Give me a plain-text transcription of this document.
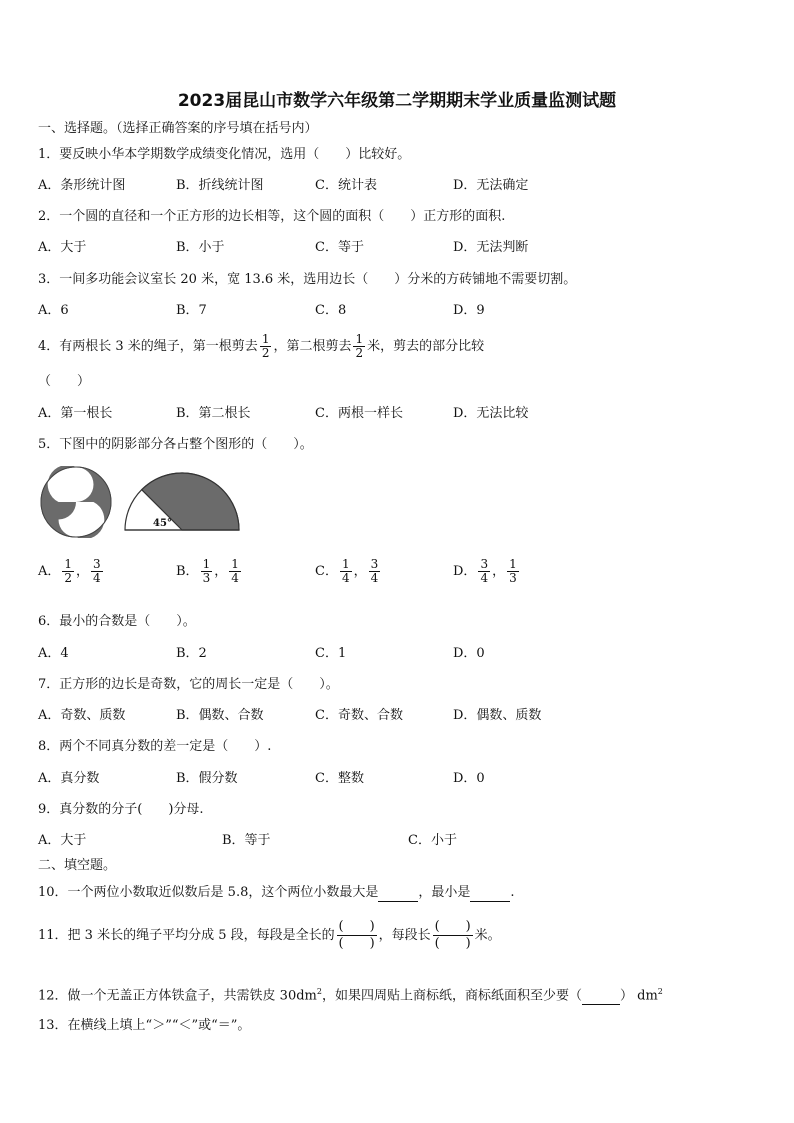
2023届昆山市数学六年级第二学期期末学业质量监测试题
一、选择题。（选择正确答案的序号填在括号内）
1．要反映小华本学期数学成绩变化情况，选用（　　）比较好。
A．条形统计图	B．折线统计图	C．统计表	D．无法确定
2．一个圆的直径和一个正方形的边长相等，这个圆的面积（　　）正方形的面积.
A．大于	B．小于	C．等于	D．无法判断
3．一间多功能会议室长 20 米，宽 13.6 米，选用边长（　　）分米的方砖铺地不需要切割。
A．6	B．7	C．8	D．9
4．有两根长 3 米的绳子，第一根剪去 $\frac{1}{2}$ ，第二根剪去 $\frac{1}{2}$ 米，剪去的部分比较
（　　）
A．第一根长	B．第二根长	C．两根一样长	D．无法比较
5．下图中的阴影部分各占整个图形的（　　）。
45°
A． $\frac{1}{2}$ ， $\frac{3}{4}$	B． $\frac{1}{3}$ ， $\frac{1}{4}$	C． $\frac{1}{4}$ ， $\frac{3}{4}$	D． $\frac{3}{4}$ ， $\frac{1}{3}$
6．最小的合数是（　　）。
A．4	B．2	C．1	D．0
7．正方形的边长是奇数，它的周长一定是（　　）。
A．奇数、质数	B．偶数、合数	C．奇数、合数	D．偶数、质数
8．两个不同真分数的差一定是（　　）.
A．真分数	B．假分数	C．整数	D．0
9．真分数的分子(　　)分母.
A．大于	B．等于	C．小于
二、填空题。
10．一个两位小数取近似数后是 5.8，这个两位小数最大是	，最小是	.
11．把 3 米长的绳子平均分成 5 段，每段是全长的 $\frac{( )}{( )}$ ，每段长 $\frac{( )}{( )}$ 米。
12．做一个无盖正方体铁盒子，共需铁皮 $30dm^2$，如果四周贴上商标纸，商标纸面积至少要（	） $dm^2$
13．在横线上填上“＞”“＜”或“＝”。
